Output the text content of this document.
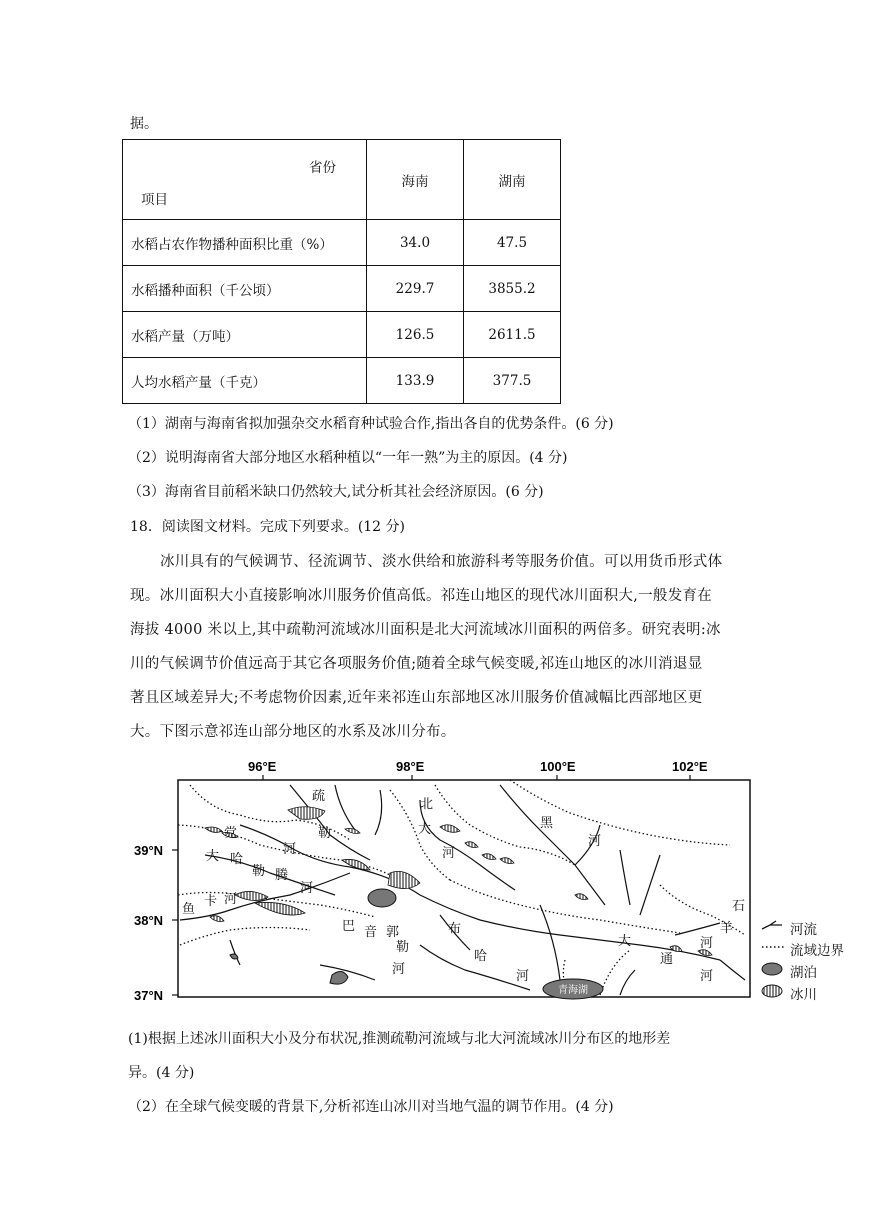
据。
省份
项目	海南	湖南
水稻占农作物播种面积比重（%）	34.0	47.5
水稻播种面积（千公顷）	229.7	3855.2
水稻产量（万吨）	126.5	2611.5
人均水稻产量（千克）	133.9	377.5
（1）湖南与海南省拟加强杂交水稻育种试验合作,指出各自的优势条件。(6 分)
（2）说明海南省大部分地区水稻种植以“一年一熟”为主的原因。(4 分)
（3）海南省目前稻米缺口仍然较大,试分析其社会经济原因。(6 分)
18．阅读图文材料。完成下列要求。(12 分)
冰川具有的气候调节、径流调节、淡水供给和旅游科考等服务价值。可以用货币形式体
现。冰川面积大小直接影响冰川服务价值高低。祁连山地区的现代冰川面积大,一般发育在
海拔 4000 米以上,其中疏勒河流域冰川面积是北大河流域冰川面积的两倍多。研究表明:冰
川的气候调节价值远高于其它各项服务价值;随着全球气候变暖,祁连山地区的冰川消退显
著且区域差异大;不考虑物价因素,近年来祁连山东部地区冰川服务价值减幅比西部地区更
大。下图示意祁连山部分地区的水系及冰川分布。
96°E	98°E	100°E	102°E
39°N
38°N
37°N	青海湖
疏
勒
党
河
大 哈
勒 腾
河
鱼
卡 河
北
大
河
黑
河
巴 音 郭
勒
河
布
哈
河
大
通
河
石
羊
河
河流
流域边界
湖泊
冰川
(1)根据上述冰川面积大小及分布状况,推测疏勒河流域与北大河流域冰川分布区的地形差
异。(4 分)
（2）在全球气候变暖的背景下,分析祁连山冰川对当地气温的调节作用。(4 分)
